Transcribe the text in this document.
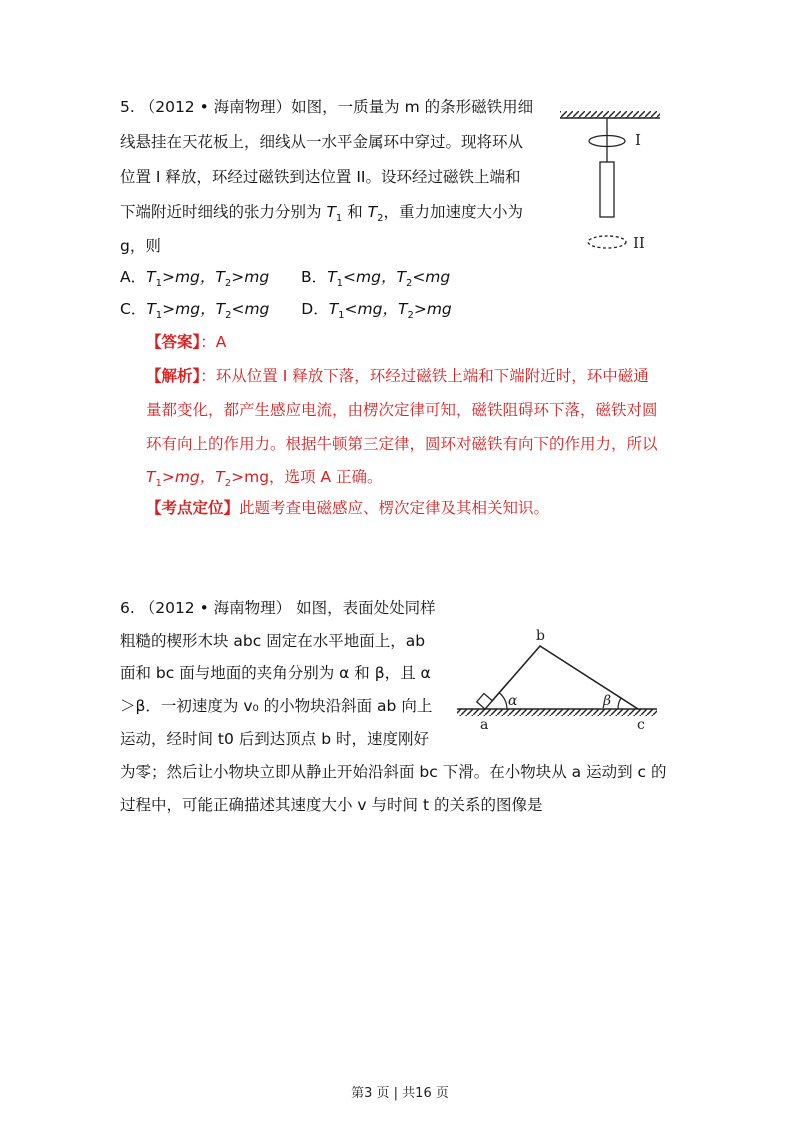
5. （2012 • 海南物理）如图，一质量为 m 的条形磁铁用细
线悬挂在天花板上，细线从一水平金属环中穿过。现将环从
位置 I 释放，环经过磁铁到达位置 II。设环经过磁铁上端和
下端附近时细线的张力分别为 $T_1$ 和 $T_2$，重力加速度大小为
g，则
A．$T_1>mg$，$T_2>mg$ B．$T_1<mg$，$T_2<mg$
C．$T_1>mg$，$T_2<mg$ D．$T_1<mg$，$T_2>mg$
I
II
【答案】：A
【解析】：环从位置 I 释放下落，环经过磁铁上端和下端附近时，环中磁通
量都变化，都产生感应电流，由楞次定律可知，磁铁阻碍环下落，磁铁对圆
环有向上的作用力。根据牛顿第三定律，圆环对磁铁有向下的作用力，所以
$T_1>mg$，$T_2>mg$，选项 A 正确。
【考点定位】此题考查电磁感应、楞次定律及其相关知识。
6. （2012 • 海南物理） 如图，表面处处同样
粗糙的楔形木块 abc 固定在水平地面上，ab
面和 bc 面与地面的夹角分别为 α 和 β，且 α
＞β．一初速度为 v₀ 的小物块沿斜面 ab 向上
运动，经时间 t0 后到达顶点 b 时，速度刚好
为零；然后让小物块立即从静止开始沿斜面 bc 下滑。在小物块从 a 运动到 c 的
过程中，可能正确描述其速度大小 v 与时间 t 的关系的图像是
α	β
b
a	c
第3 页 | 共16 页
